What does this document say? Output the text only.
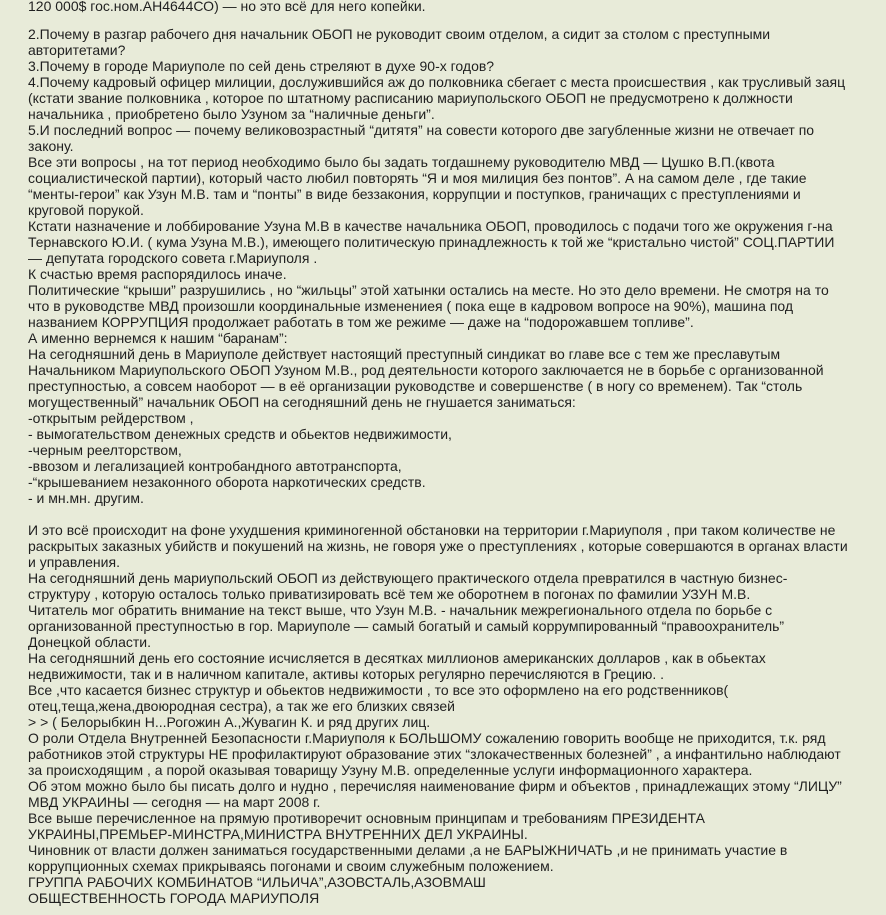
120 000$ гос.ном.АН4644СО) — но это всё для него копейки.
2.Почему в разгар рабочего дня начальник ОБОП не руководит своим отделом, а сидит за столом с преступными
авторитетами?
3.Почему в городе Мариуполе по сей день стреляют в духе 90-х годов?
4.Почему кадровый офицер милиции, дослужившийся аж до полковника сбегает с места происшествия , как трусливый заяц
(кстати звание полковника , которое по штатному расписанию мариупольского ОБОП не предусмотрено к должности
начальника , приобретено было Узуном за “наличные деньги”.
5.И последний вопрос — почему великовозрастный “дитятя” на совести которого две загубленные жизни не отвечает по
закону.
Все эти вопросы , на тот период необходимо было бы задать тогдашнему руководителю МВД — Цушко В.П.(квота
социалистической партии), который часто любил повторять “Я и моя милиция без понтов”. А на самом деле , где такие
“менты-герои” как Узун М.В. там и “понты” в виде беззакония, коррупции и поступков, граничащих с преступлениями и
круговой порукой.
Кстати назначение и лоббирование Узуна М.В в качестве начальника ОБОП, проводилось с подачи того же окружения г-на
Тернавского Ю.И. ( кума Узуна М.В.), имеющего политическую принадлежность к той же “кристально чистой” СОЦ.ПАРТИИ
— депутата городского совета г.Мариуполя .
К счастью время распорядилось иначе.
Политические “крыши” разрушились , но “жильцы” этой хатынки остались на месте. Но это дело времени. Не смотря на то
что в руководстве МВД произошли координальные изменениея ( пока еще в кадровом вопросе на 90%), машина под
названием КОРРУПЦИЯ продолжает работать в том же режиме — даже на “подорожавшем топливе”.
А именно вернемся к нашим “баранам”:
На сегодняшний день в Мариуполе действует настоящий преступный синдикат во главе все с тем же преславутым
Начальником Мариупольского ОБОП Узуном М.В., род деятельности которого заключается не в борьбе с организованной
преступностью, а совсем наоборот — в её организации руководстве и совершенстве ( в ногу со временем). Так “столь
могущественный” начальник ОБОП на сегодняшний день не гнушается заниматься:
-открытым рейдерством ,
- вымогательством денежных средств и обьектов недвижимости,
-черным реелторством,
-ввозом и легализацией контробандного автотранспорта,
-“крышеванием незаконного оборота наркотических средств.
- и мн.мн. другим.
И это всё происходит на фоне ухудшения криминогенной обстановки на территории г.Мариуполя , при таком количестве не
раскрытых заказных убийств и покушений на жизнь, не говоря уже о преступлениях , которые совершаются в органах власти
и управления.
На сегодняшний день мариупольский ОБОП из действующего практического отдела превратился в частную бизнес-
структуру , которую осталось только приватизировать всё тем же оборотнем в погонах по фамилии УЗУН М.В.
Читатель мог обратить внимание на текст выше, что Узун М.В. - начальник межрегионального отдела по борьбе с
организованной преступностью в гор. Мариуполе — самый богатый и самый коррумпированный “правоохранитель”
Донецкой области.
На сегодняшний день его состояние исчисляется в десятках миллионов американских долларов , как в обьектах
недвижимости, так и в наличном капитале, активы которых регулярно перечисляются в Грецию. .
Все ,что касается бизнес структур и обьектов недвижимости , то все это оформлено на его родственников(
отец,теща,жена,двоюродная сестра), а так же его близких связей
> > ( Белорыбкин Н...Рогожин А.,Жувагин К. и ряд других лиц.
О роли Отдела Внутренней Безопасности г.Мариуполя к БОЛЬШОМУ сожалению говорить вообще не приходится, т.к. ряд
работников этой структуры НЕ профилактируют образование этих “злокачественных болезней” , а инфантильно наблюдают
за происходящим , а порой оказывая товарищу Узуну М.В. определенные услуги информационного характера.
Об этом можно было бы писать долго и нудно , перечисляя наименование фирм и объектов , принадлежащих этому “ЛИЦУ”
МВД УКРАИНЫ — сегодня — на март 2008 г.
Все выше перечисленное на прямую противоречит основным принципам и требованиям ПРЕЗИДЕНТА
УКРАИНЫ,ПРЕМЬЕР-МИНСТРА,МИНИСТРА ВНУТРЕННИХ ДЕЛ УКРАИНЫ.
Чиновник от власти должен заниматься государственными делами ,а не БАРЫЖНИЧАТЬ ,и не принимать участие в
коррупционных схемах прикрываясь погонами и своим служебным положением.
ГРУППА РАБОЧИХ КОМБИНАТОВ “ИЛЬИЧА”,АЗОВСТАЛЬ,АЗОВМАШ
ОБЩЕСТВЕННОСТЬ ГОРОДА МАРИУПОЛЯ
